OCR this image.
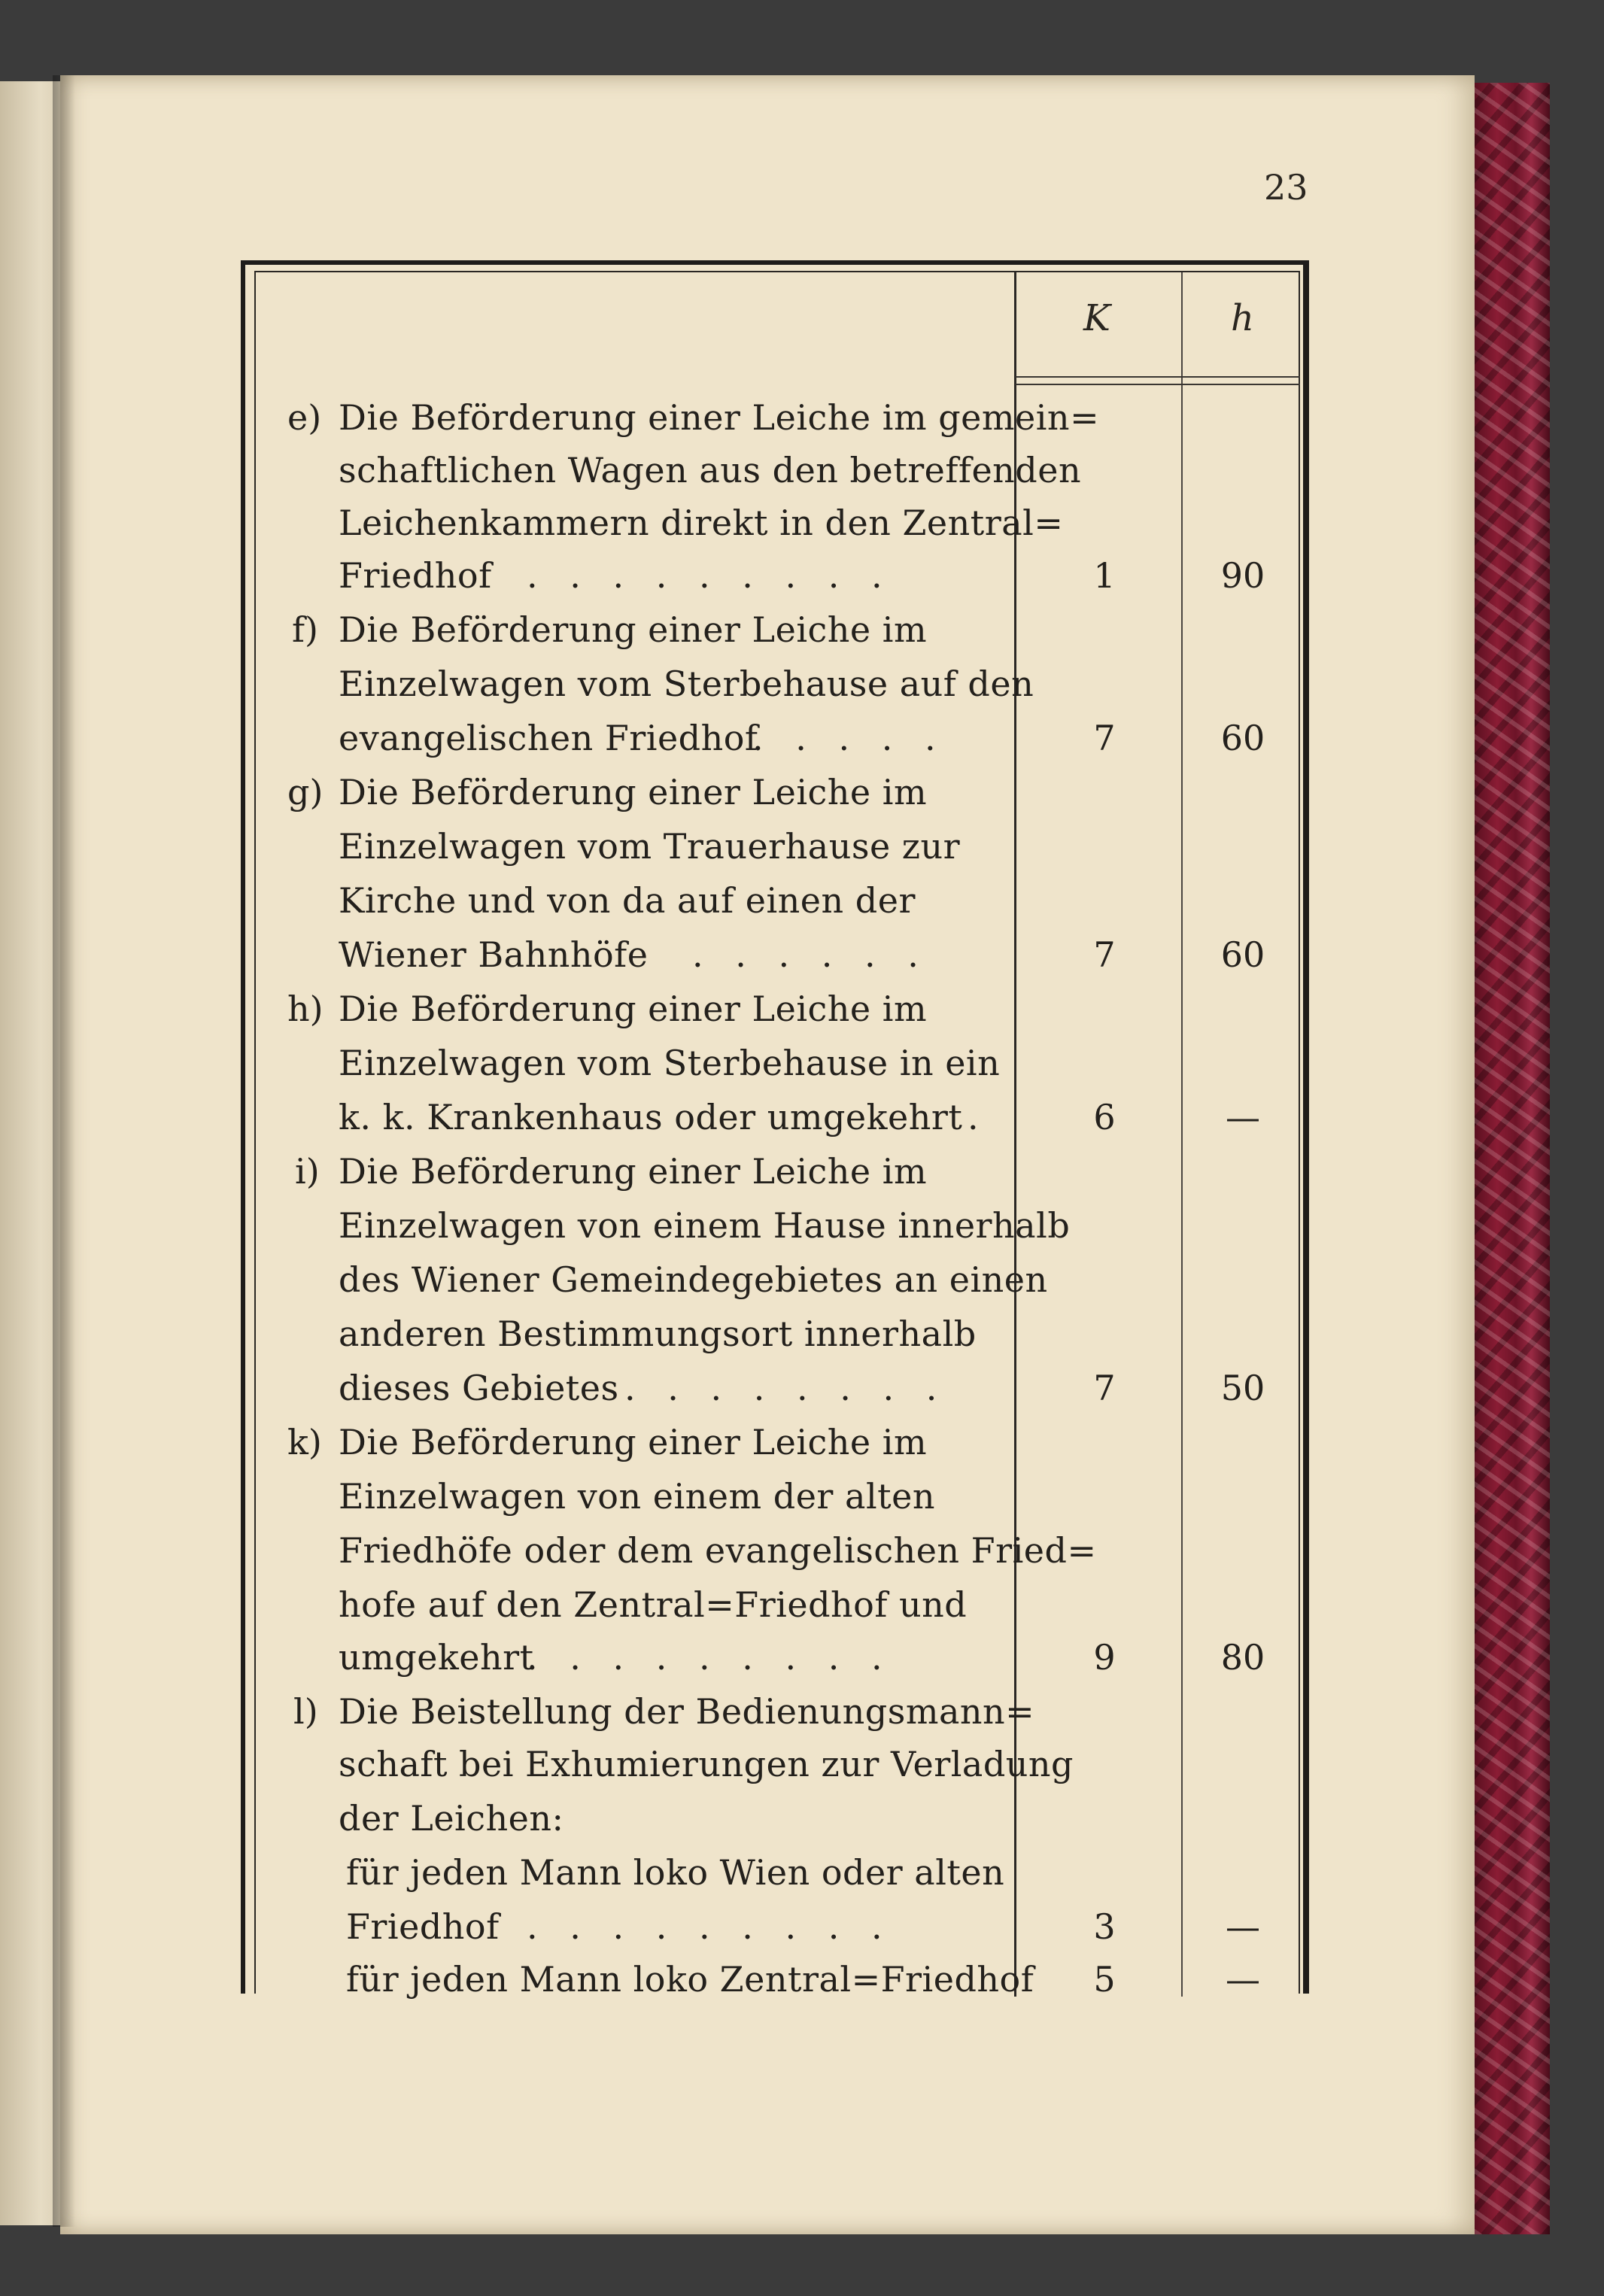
23
K	h
e) Die Beförderung einer Leiche im gemein=
schaftlichen Wagen aus den betreffenden
Leichenkammern direkt in den Zentral=
Friedhof . . . . . . . . .	1	90
f) Die Beförderung einer Leiche im
Einzelwagen vom Sterbehause auf den
evangelischen Friedhof
. . . . .	7	60
g) Die Beförderung einer Leiche im
Einzelwagen vom Trauerhause zur
Kirche und von da auf einen der
Wiener Bahnhöfe . . . . . .	7	60
h) Die Beförderung einer Leiche im
Einzelwagen vom Sterbehause in ein
k. k. Krankenhaus oder umgekehrt .	6	—
i) Die Beförderung einer Leiche im
Einzelwagen von einem Hause innerhalb
des Wiener Gemeindegebietes an einen
anderen Bestimmungsort innerhalb
dieses Gebietes . . . . . . . .	7	50
k) Die Beförderung einer Leiche im
Einzelwagen von einem der alten
Friedhöfe oder dem evangelischen Fried=
hofe auf den Zentral=Friedhof und
umgekehrt
. . . . . . . . .	9	80
l) Die Beistellung der Bedienungsmann=
schaft bei Exhumierungen zur Verladung
der Leichen:
für jeden Mann loko Wien oder alten
Friedhof . . . . . . . . .	3	—
für jeden Mann loko Zentral=Friedhof	5	—
